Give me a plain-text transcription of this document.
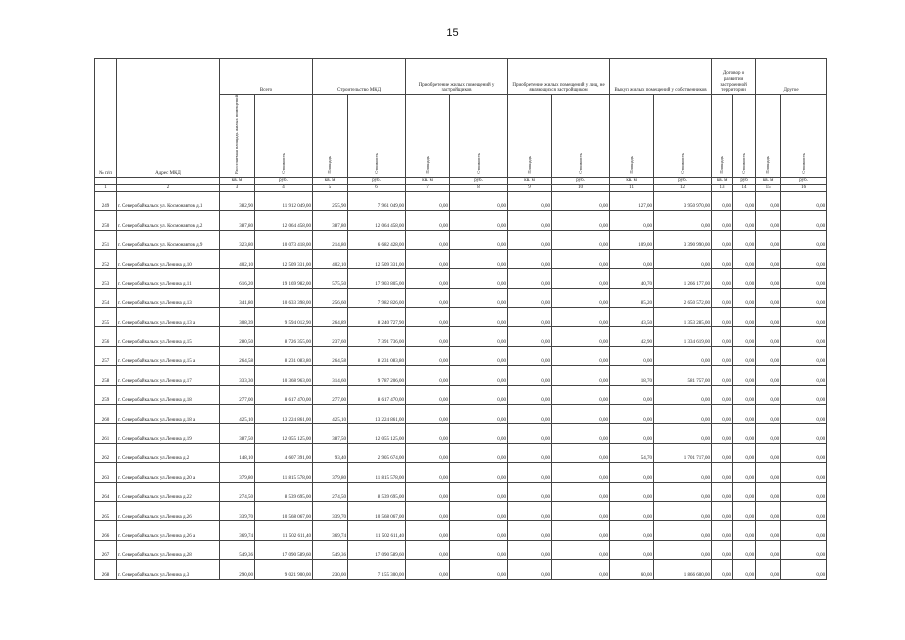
15
№ п/п	Адрес МКД	Всего		Строительство МКД		Приобретение жилых помещений у застройщиков		Приобретение жилых помещений у лиц, не являющихся застройщиком		Выкуп жилых помещений у собственников		Договор о развитии застроенной территории		Другое	
		Расселяемая площадь жилых помещений	Стоимость	Площадь	Стоимость	Площадь	Стоимость	Площадь	Стоимость	Площадь	Стоимость	Площадь	Стоимость	Площадь	Стоимость
		кв. м	руб.	кв. м	руб.	кв. м	руб.	кв. м	руб.	кв. м	руб.	кв. м	руб	кв. м	руб.
1	2	3	4	5	6	7	8	9	10	11	12	13	14	15	16
249	г. Северобайкальск ул. Космонавтов д.1	382,90	11 912 049,00	255,90	7 961 049,00	0,00	0,00	0,00	0,00	127,00	3 950 970,00	0,00	0,00	0,00	0,00
250	г. Северобайкальск ул. Космонавтов д.2	387,80	12 064 458,00	387,80	12 064 458,00	0,00	0,00	0,00	0,00	0,00	0,00	0,00	0,00	0,00	0,00
251	г. Северобайкальск ул. Космонавтов д.9	323,80	10 073 418,00	214,80	6 682 428,00	0,00	0,00	0,00	0,00	109,00	3 390 990,00	0,00	0,00	0,00	0,00
252	г. Северобайкальск ул.Ленина д.10	402,10	12 509 331,00	402,10	12 509 331,00	0,00	0,00	0,00	0,00	0,00	0,00	0,00	0,00	0,00	0,00
253	г. Северобайкальск ул.Ленина д.11	616,20	19 169 982,00	575,50	17 903 805,00	0,00	0,00	0,00	0,00	40,70	1 266 177,00	0,00	0,00	0,00	0,00
254	г. Северобайкальск ул.Ленина д.13	341,80	10 633 398,00	256,60	7 982 826,00	0,00	0,00	0,00	0,00	85,20	2 650 572,00	0,00	0,00	0,00	0,00
255	г. Северобайкальск ул.Ленина д.13 а	308,39	9 594 012,90	264,89	8 240 727,90	0,00	0,00	0,00	0,00	43,50	1 353 285,00	0,00	0,00	0,00	0,00
256	г. Северобайкальск ул.Ленина д.15	280,50	8 726 355,00	237,60	7 391 736,00	0,00	0,00	0,00	0,00	42,90	1 334 619,00	0,00	0,00	0,00	0,00
257	г. Северобайкальск ул.Ленина д.15 а	264,58	8 231 083,80	264,58	8 231 083,80	0,00	0,00	0,00	0,00	0,00	0,00	0,00	0,00	0,00	0,00
258	г. Северобайкальск ул.Ленина д.17	333,30	10 368 963,00	314,60	9 787 206,00	0,00	0,00	0,00	0,00	18,70	581 757,00	0,00	0,00	0,00	0,00
259	г. Северобайкальск ул.Ленина д.18	277,00	8 617 470,00	277,00	8 617 470,00	0,00	0,00	0,00	0,00	0,00	0,00	0,00	0,00	0,00	0,00
260	г. Северобайкальск ул.Ленина д.18 а	425,10	13 224 861,00	425,10	13 224 861,00	0,00	0,00	0,00	0,00	0,00	0,00	0,00	0,00	0,00	0,00
261	г. Северобайкальск ул.Ленина д.19	387,50	12 055 125,00	387,50	12 055 125,00	0,00	0,00	0,00	0,00	0,00	0,00	0,00	0,00	0,00	0,00
262	г. Северобайкальск ул.Ленина д.2	148,10	4 607 391,00	93,40	2 905 674,00	0,00	0,00	0,00	0,00	54,70	1 701 717,00	0,00	0,00	0,00	0,00
263	г. Северобайкальск ул.Ленина д.20 а	379,80	11 815 578,00	379,80	11 815 578,00	0,00	0,00	0,00	0,00	0,00	0,00	0,00	0,00	0,00	0,00
264	г. Северобайкальск ул.Ленина д.22	274,50	8 539 695,00	274,50	8 539 695,00	0,00	0,00	0,00	0,00	0,00	0,00	0,00	0,00	0,00	0,00
265	г. Северобайкальск ул.Ленина д.26	339,70	10 568 067,00	339,70	10 568 067,00	0,00	0,00	0,00	0,00	0,00	0,00	0,00	0,00	0,00	0,00
266	г. Северобайкальск ул.Ленина д.26 а	369,74	11 502 611,40	369,74	11 502 611,40	0,00	0,00	0,00	0,00	0,00	0,00	0,00	0,00	0,00	0,00
267	г. Северобайкальск ул.Ленина д.28	549,36	17 090 589,60	549,36	17 090 589,60	0,00	0,00	0,00	0,00	0,00	0,00	0,00	0,00	0,00	0,00
268	г. Северобайкальск ул.Ленина д.3	290,00	9 021 900,00	230,00	7 155 300,00	0,00	0,00	0,00	0,00	60,00	1 866 600,00	0,00	0,00	0,00	0,00
